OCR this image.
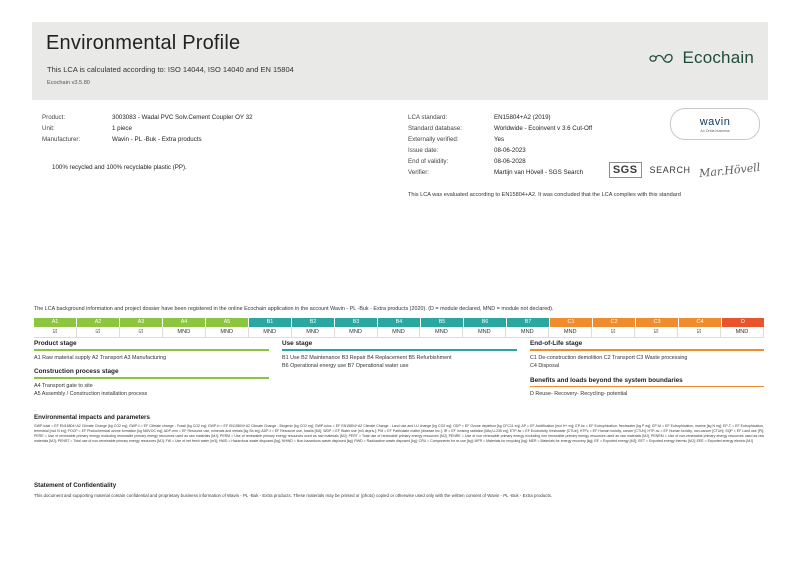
Environmental Profile
This LCA is calculated according to: ISO 14044, ISO 14040 and EN 15804
Ecochain v3.5.80
Ecochain
Product:	3003083 - Wadal PVC Solv.Cement Coupler OY 32
Unit:	1 piece
Manufacturer:	Wavin - PL -Buk - Extra products
100% recycled and 100% recyclable plastic (PP).
LCA standard:	EN15804+A2 (2019)
Standard database:	Worldwide - Ecoinvent v 3.6 Cut-Off
Externally verified:	Yes
Issue date:	08-06-2023
End of validity:	08-06-2028
Verifier:	Martijn van Hövell - SGS Search
This LCA was evaluated according to EN15804+A2. It was concluded that the LCA complies with this standard
wavin
An Orbia business
SGS	SEARCH Mar.Hövell
The LCA background information and project dossier have been registered in the online Ecochain application in the account Wavin - PL -Buk - Extra products (2020). (D = module declared, MND = module not declared).
A1	A2	A3	A4	A5	B1	B2	B3	B4	B5	B6	B7	C1	C2	C3	C4	D
☑	☑	☑	MND	MND	MND	MND	MND	MND	MND	MND	MND	MND	☑	☑	☑	MND
Product stage
A1 Raw material supply A2 Transport A3 Manufacturing
Construction process stage
A4 Transport gate to site
A5 Assembly / Construction installation process
Use stage
B1 Use B2 Maintenance B3 Repair B4 Replacement B5 Refurbishment
B6 Operational energy use B7 Operational water use
End-of-Life stage
C1 De-construction demolition C2 Transport C3 Waste processing
C4 Disposal
Benefits and loads beyond the system boundaries
D Reuse- Recovery- Recycling- potential
Environmental impacts and parameters
GWP-total = EF EN15804+A2 Climate Change [kg CO2 eq]; GWP-f = EF Climate change - Fossil [kg CO2 eq]; GWP-b = EF EN15804+A2 Climate Change - Biogenic [kg CO2 eq]; GWP-luluc = EF EN15804+A2 Climate Change - Land use and LU change [kg CO2 eq]; ODP = EF Ozone depletion [kg CFC11 eq]; AP = EF Acidification [mol H+ eq]; EP-fw = EF Eutrophication, freshwater [kg P eq]; EP-M = EF Eutrophication, marine [kg N eq]; EP-T = EF Eutrophication, terrestrial [mol N eq]; POCP = EF Photochemical ozone formation [kg NMVOC eq]; ADP-mm = EF Resource use, minerals and metals [kg Sb eq]; ADP-f = EF Resource use, fossils [MJ]; WDP = EF Water use [m3 depriv.]; PM = EF Particulate matter [disease inc.]; IR = EF Ionising radiation [kBq U-235 eq]; ETP-fw = EF Ecotoxicity, freshwater [CTUe]; HTPc = EF Human toxicity, cancer [CTUh]; HTP-nc = EF Human toxicity, non-cancer [CTUh]; SQP = EF Land use [Pt]; PERE = Use of renewable primary energy excluding renewable primary energy resources used as raw materials [MJ]; PERM = Use of renewable primary energy resources used as raw materials [MJ]; PERT = Total use of renewable primary energy resources [MJ]; PENRE = Use of non renewable primary energy excluding non renewable primary energy resources used as raw materials [MJ]; PENRM = Use of non-renewable primary energy resources used as raw materials [MJ]; PENRT = Total use of non-renewable primary energy resources [MJ]; FW = Use of net fresh water [m3]; HWD = Hazardous waste disposed [kg]; NHWD = Non-hazardous waste disposed [kg]; RWD = Radioactive waste disposed [kg]; CRU = Components for re-use [kg]; MFR = Materials for recycling [kg]; MER = Materials for energy recovery [kg]; EE = Exported energy [MJ]; EET = Exported energy thermic [MJ]; EEE = Exported energy electric [MJ]
Statement of Confidentiality
This document and supporting material contain confidential and proprietary business information of Wavin - PL -Buk - Extra products. These materials may be printed or (photo) copied or otherwise used only with the written consent of Wavin - PL -Buk - Extra products.
